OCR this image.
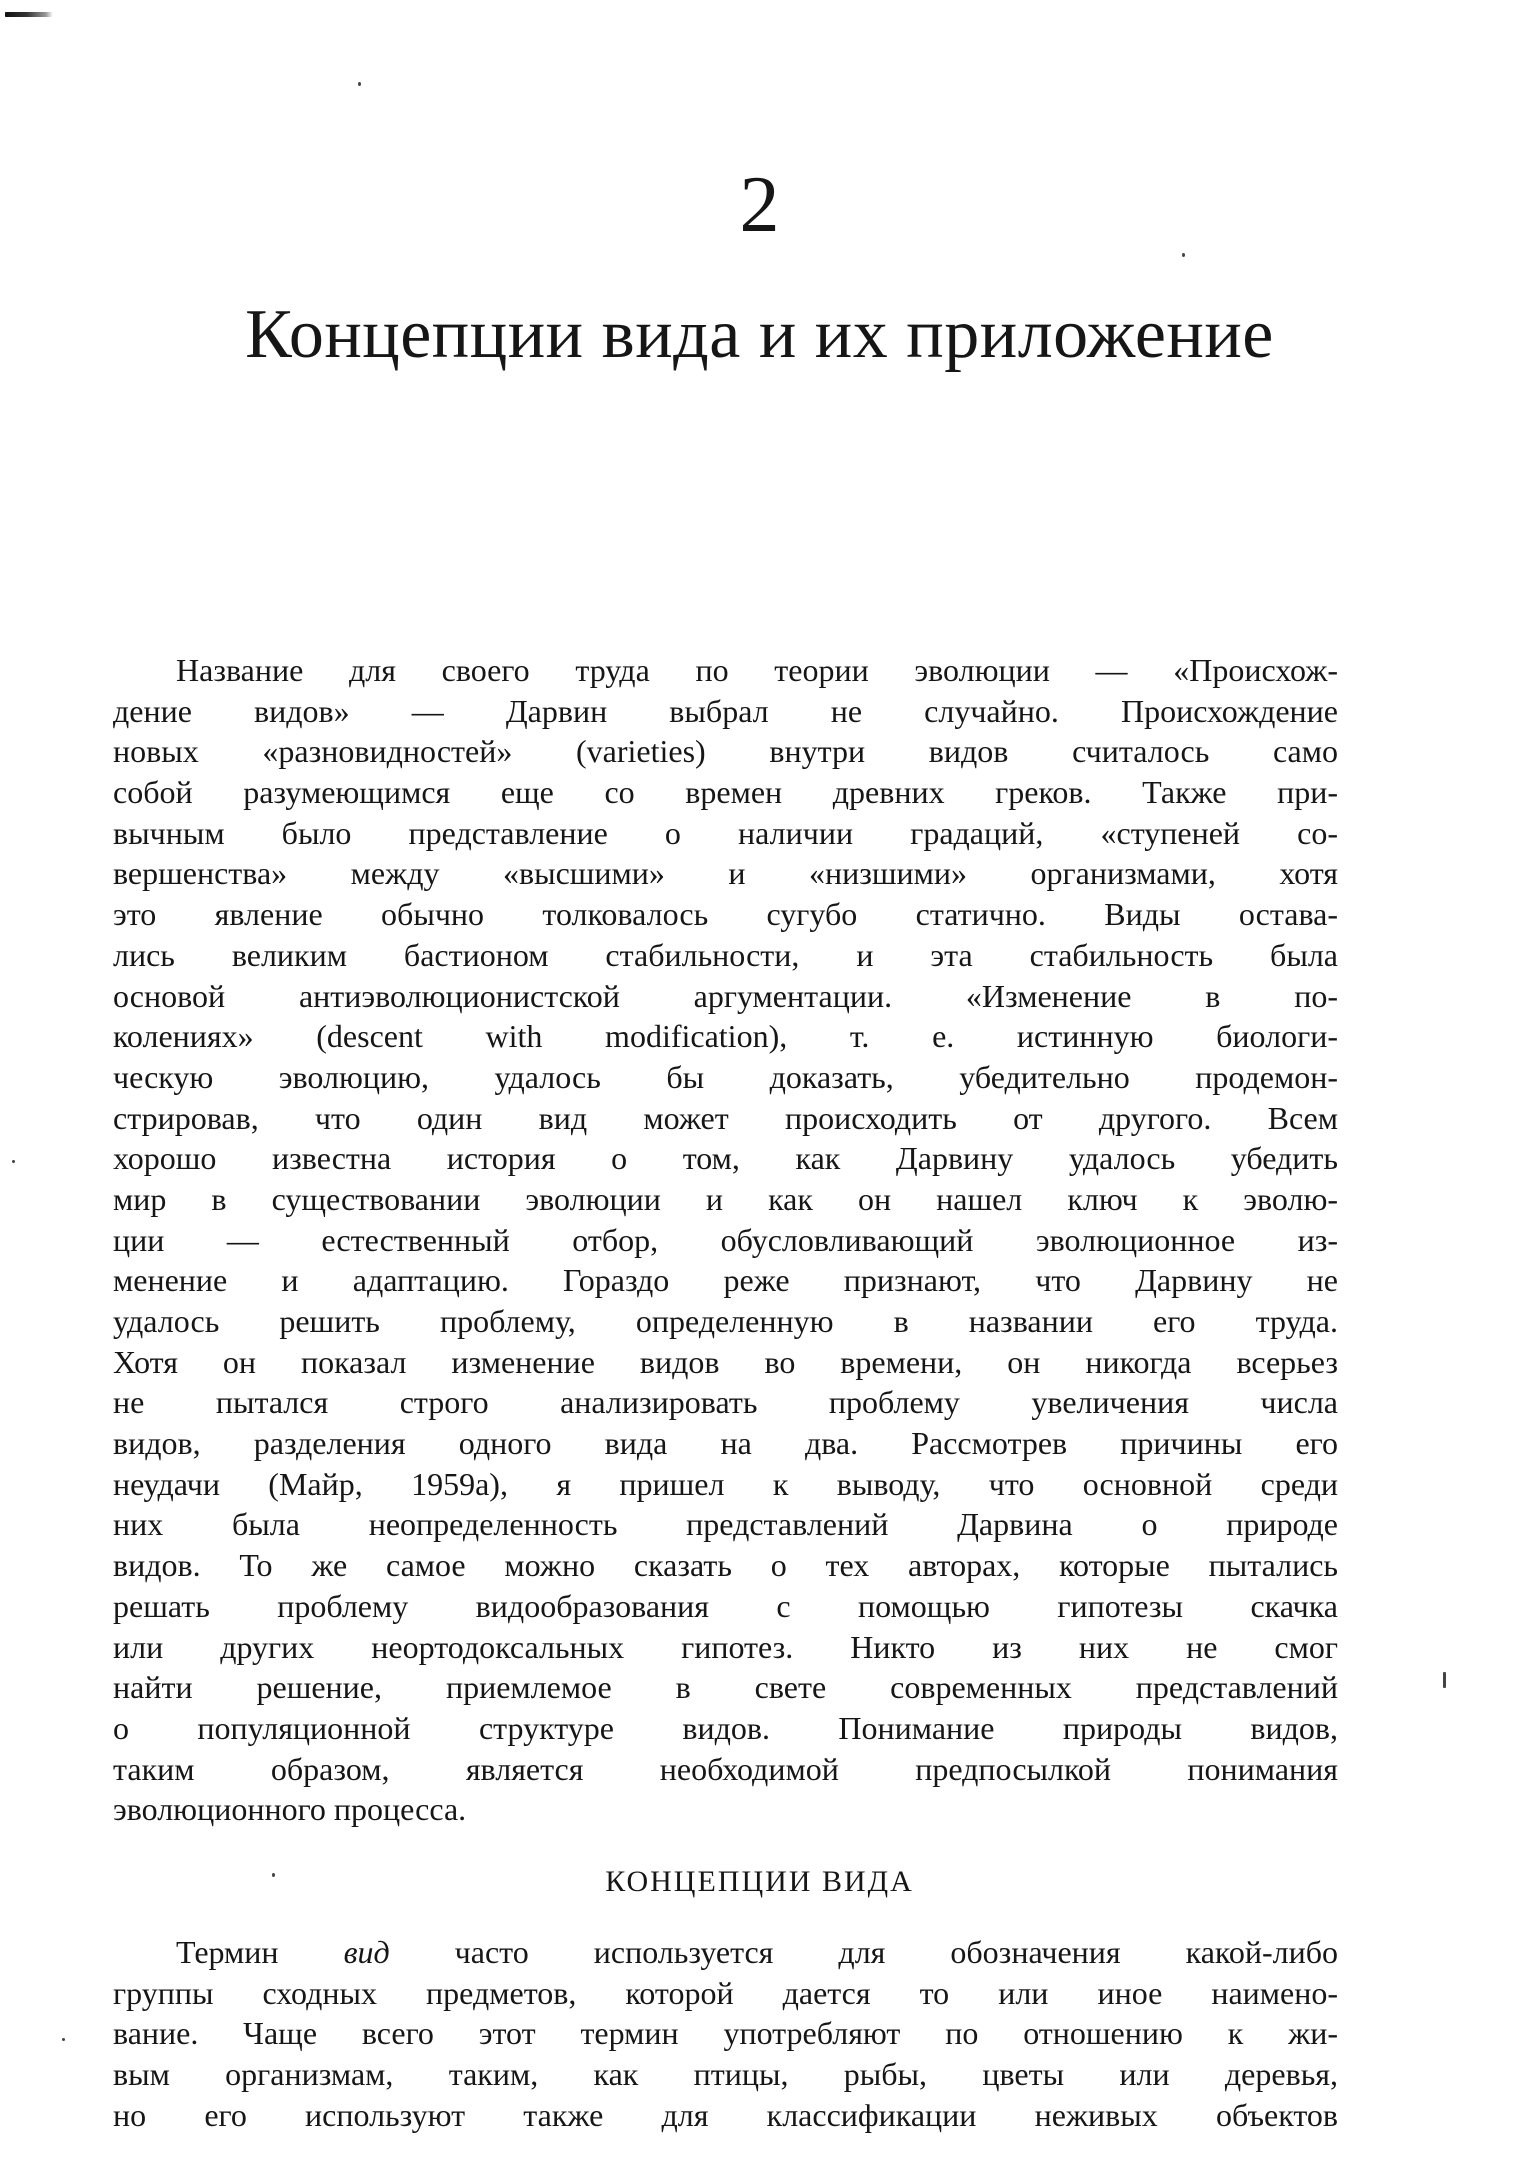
2
Концепции вида и их приложение
Название для своего труда по теории эволюции — «Происхож-
дение видов» — Дарвин выбрал не случайно. Происхождение
новых «разновидностей» (varieties) внутри видов считалось само
собой разумеющимся еще со времен древних греков. Также при-
вычным было представление о наличии градаций, «ступеней со-
вершенства» между «высшими» и «низшими» организмами, хотя
это явление обычно толковалось сугубо статично. Виды остава-
лись великим бастионом стабильности, и эта стабильность была
основой антиэволюционистской аргументации. «Изменение в по-
колениях» (descent with modification), т. е. истинную биологи-
ческую эволюцию, удалось бы доказать, убедительно продемон-
стрировав, что один вид может происходить от другого. Всем
хорошо известна история о том, как Дарвину удалось убедить
мир в существовании эволюции и как он нашел ключ к эволю-
ции — естественный отбор, обусловливающий эволюционное из-
менение и адаптацию. Гораздо реже признают, что Дарвину не
удалось решить проблему, определенную в названии его труда.
Хотя он показал изменение видов во времени, он никогда всерьез
не пытался строго анализировать проблему увеличения числа
видов, разделения одного вида на два. Рассмотрев причины его
неудачи (Майр, 1959a), я пришел к выводу, что основной среди
них была неопределенность представлений Дарвина о природе
видов. То же самое можно сказать о тех авторах, которые пытались
решать проблему видообразования с помощью гипотезы скачка
или других неортодоксальных гипотез. Никто из них не смог
найти решение, приемлемое в свете современных представлений
о популяционной структуре видов. Понимание природы видов,
таким образом, является необходимой предпосылкой понимания
эволюционного процесса.
КОНЦЕПЦИИ ВИДА
Термин вид часто используется для обозначения какой-либо
группы сходных предметов, которой дается то или иное наимено-
вание. Чаще всего этот термин употребляют по отношению к жи-
вым организмам, таким, как птицы, рыбы, цветы или деревья,
но его используют также для классификации неживых объектов
